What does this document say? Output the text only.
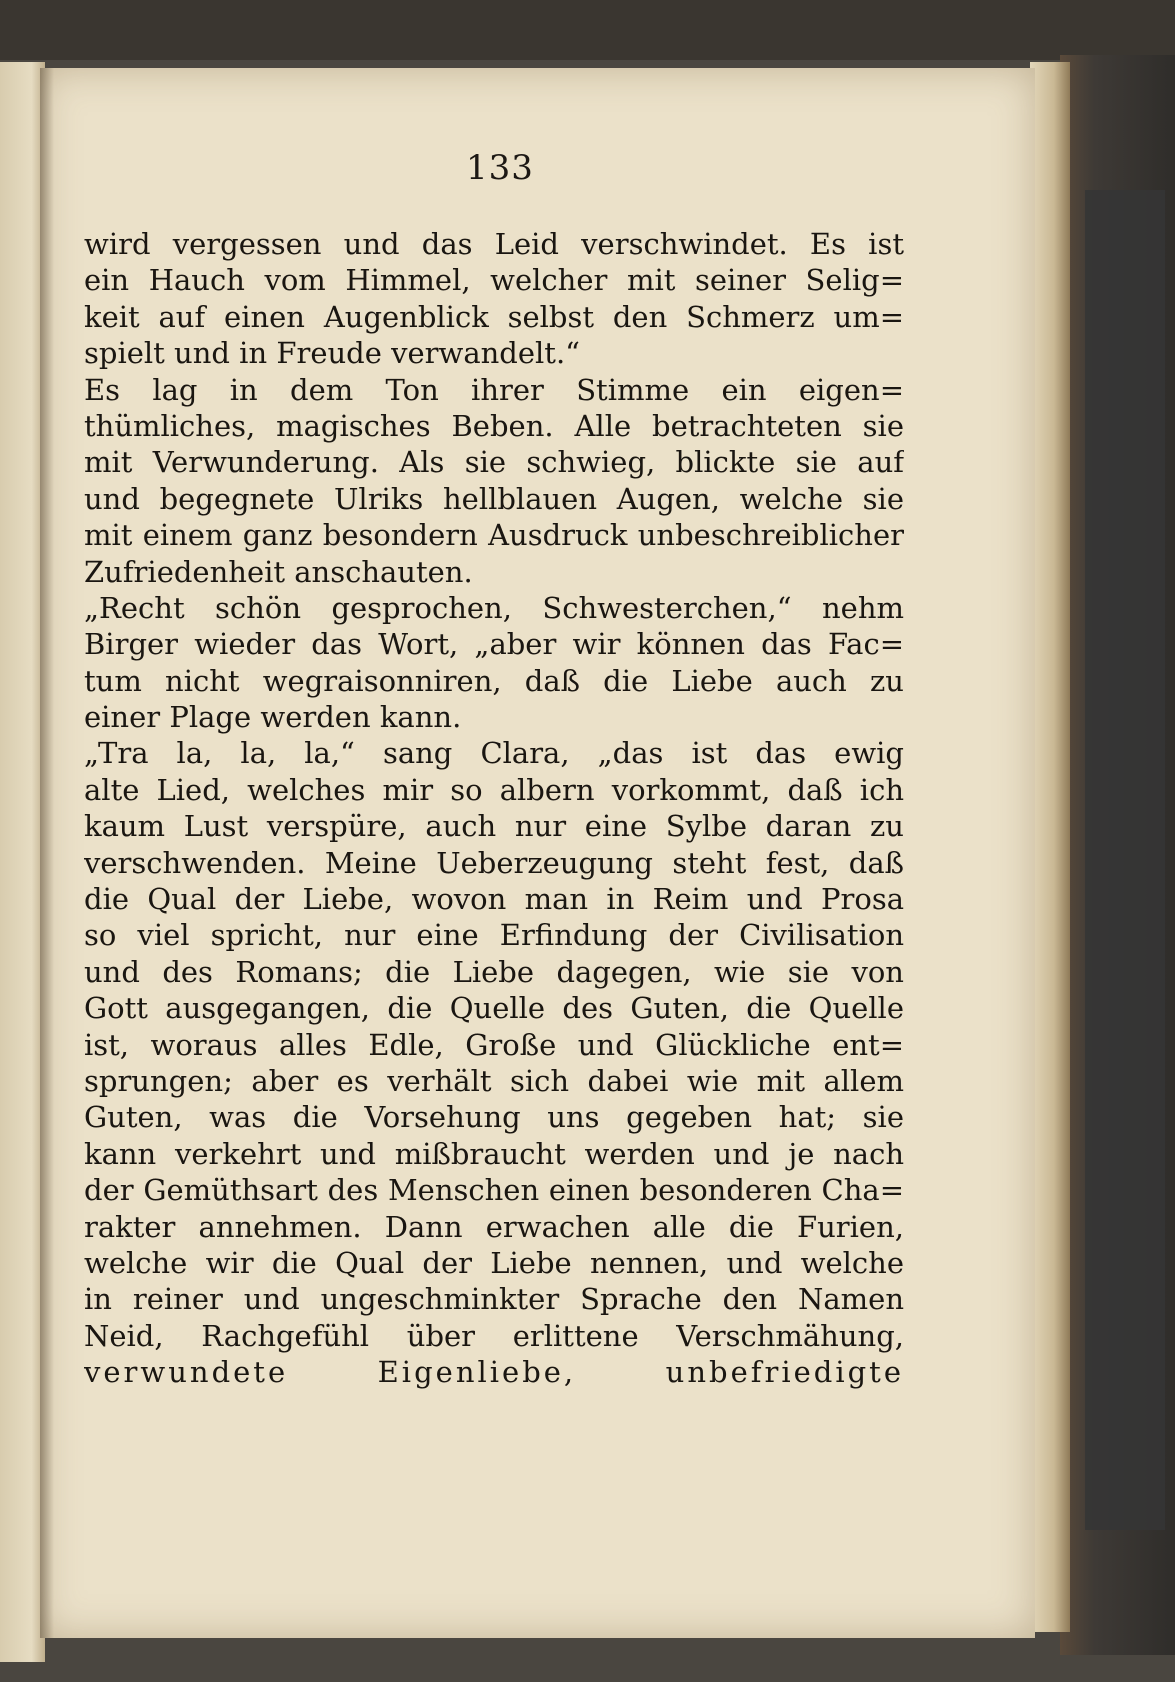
133
wird vergessen und das Leid verschwindet. Es ist
ein Hauch vom Himmel, welcher mit seiner Selig=
keit auf einen Augenblick selbst den Schmerz um=
spielt und in Freude verwandelt.“
Es lag in dem Ton ihrer Stimme ein eigen=
thümliches, magisches Beben. Alle betrachteten sie
mit Verwunderung. Als sie schwieg, blickte sie auf
und begegnete Ulriks hellblauen Augen, welche sie
mit einem ganz besondern Ausdruck unbeschreiblicher
Zufriedenheit anschauten.
„Recht schön gesprochen, Schwesterchen,“ nehm
Birger wieder das Wort, „aber wir können das Fac=
tum nicht wegraisonniren, daß die Liebe auch zu
einer Plage werden kann.
„Tra la, la, la,“ sang Clara, „das ist das ewig
alte Lied, welches mir so albern vorkommt, daß ich
kaum Lust verspüre, auch nur eine Sylbe daran zu
verschwenden. Meine Ueberzeugung steht fest, daß
die Qual der Liebe, wovon man in Reim und Prosa
so viel spricht, nur eine Erfindung der Civilisation
und des Romans; die Liebe dagegen, wie sie von
Gott ausgegangen, die Quelle des Guten, die Quelle
ist, woraus alles Edle, Große und Glückliche ent=
sprungen; aber es verhält sich dabei wie mit allem
Guten, was die Vorsehung uns gegeben hat; sie
kann verkehrt und mißbraucht werden und je nach
der Gemüthsart des Menschen einen besonderen Cha=
rakter annehmen. Dann erwachen alle die Furien,
welche wir die Qual der Liebe nennen, und welche
in reiner und ungeschminkter Sprache den Namen
Neid, Rachgefühl über erlittene Verschmähung,
verwundete Eigenliebe, unbefriedigte
